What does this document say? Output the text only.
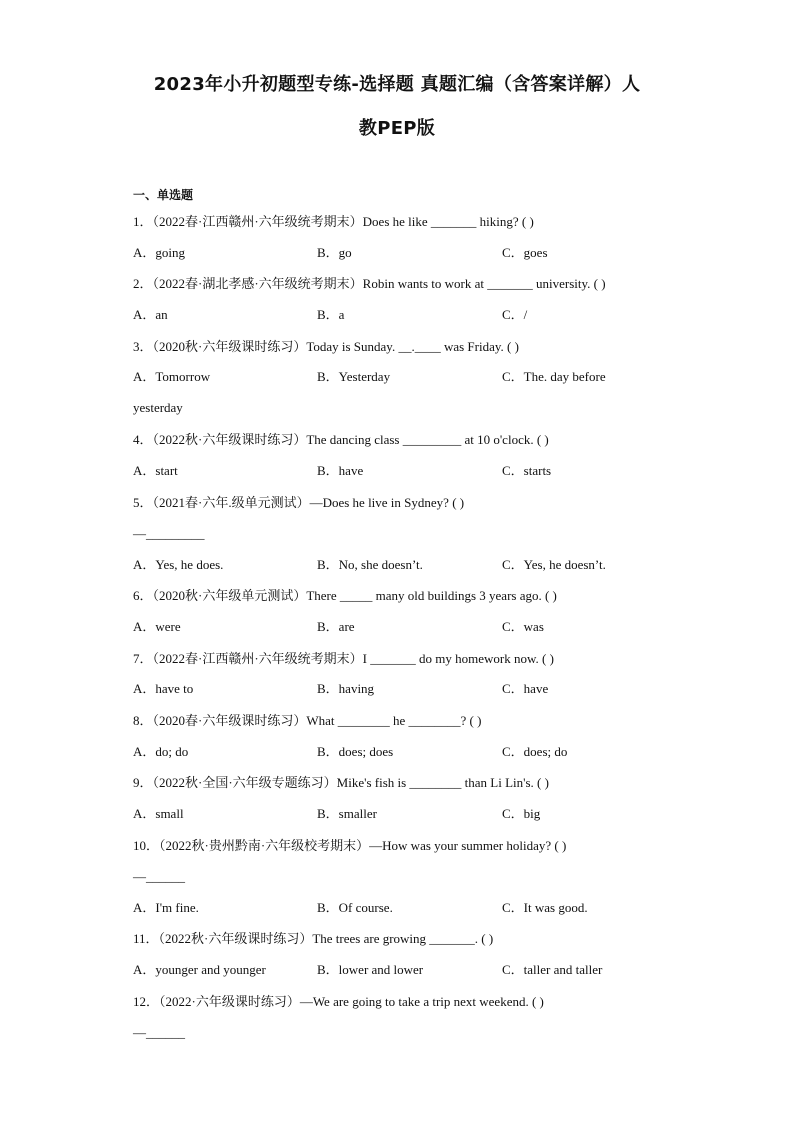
2023年小升初题型专练-选择题 真题汇编（含答案详解）人
教PEP版
一、单选题
1．（2022春·江西赣州·六年级统考期末）Does he like _______ hiking? ( )
A．going	B．go	C．goes
2．（2022春·湖北孝感·六年级统考期末）Robin wants to work at _______ university. ( )
A．an	B．a	C．/
3．（2020秋·六年级课时练习）Today is Sunday. __.____ was Friday. ( )
A．Tomorrow	B．Yesterday	C．The. day before
yesterday
4．（2022秋·六年级课时练习）The dancing class _________ at 10 o'clock. ( )
A．start	B．have	C．starts
5．（2021春·六年.级单元测试）—Does he live in Sydney? ( )
—_________
A．Yes, he does.	B．No, she doesn’t.	C．Yes, he doesn’t.
6．（2020秋·六年级单元测试）There _____ many old buildings 3 years ago. ( )
A．were	B．are	C．was
7．（2022春·江西赣州·六年级统考期末）I _______ do my homework now. ( )
A．have to	B．having	C．have
8．（2020春·六年级课时练习）What ________ he ________? ( )
A．do; do	B．does; does	C．does; do
9．（2022秋·全国·六年级专题练习）Mike's fish is ________ than Li Lin's. ( )
A．small	B．smaller	C．big
10．（2022秋·贵州黔南·六年级校考期末）—How was your summer holiday? ( )
—______
A．I'm fine.	B．Of course.	C．It was good.
11．（2022秋·六年级课时练习）The trees are growing _______. ( )
A．younger and younger	B．lower and lower	C．taller and taller
12．（2022·六年级课时练习）—We are going to take a trip next weekend. ( )
—______
